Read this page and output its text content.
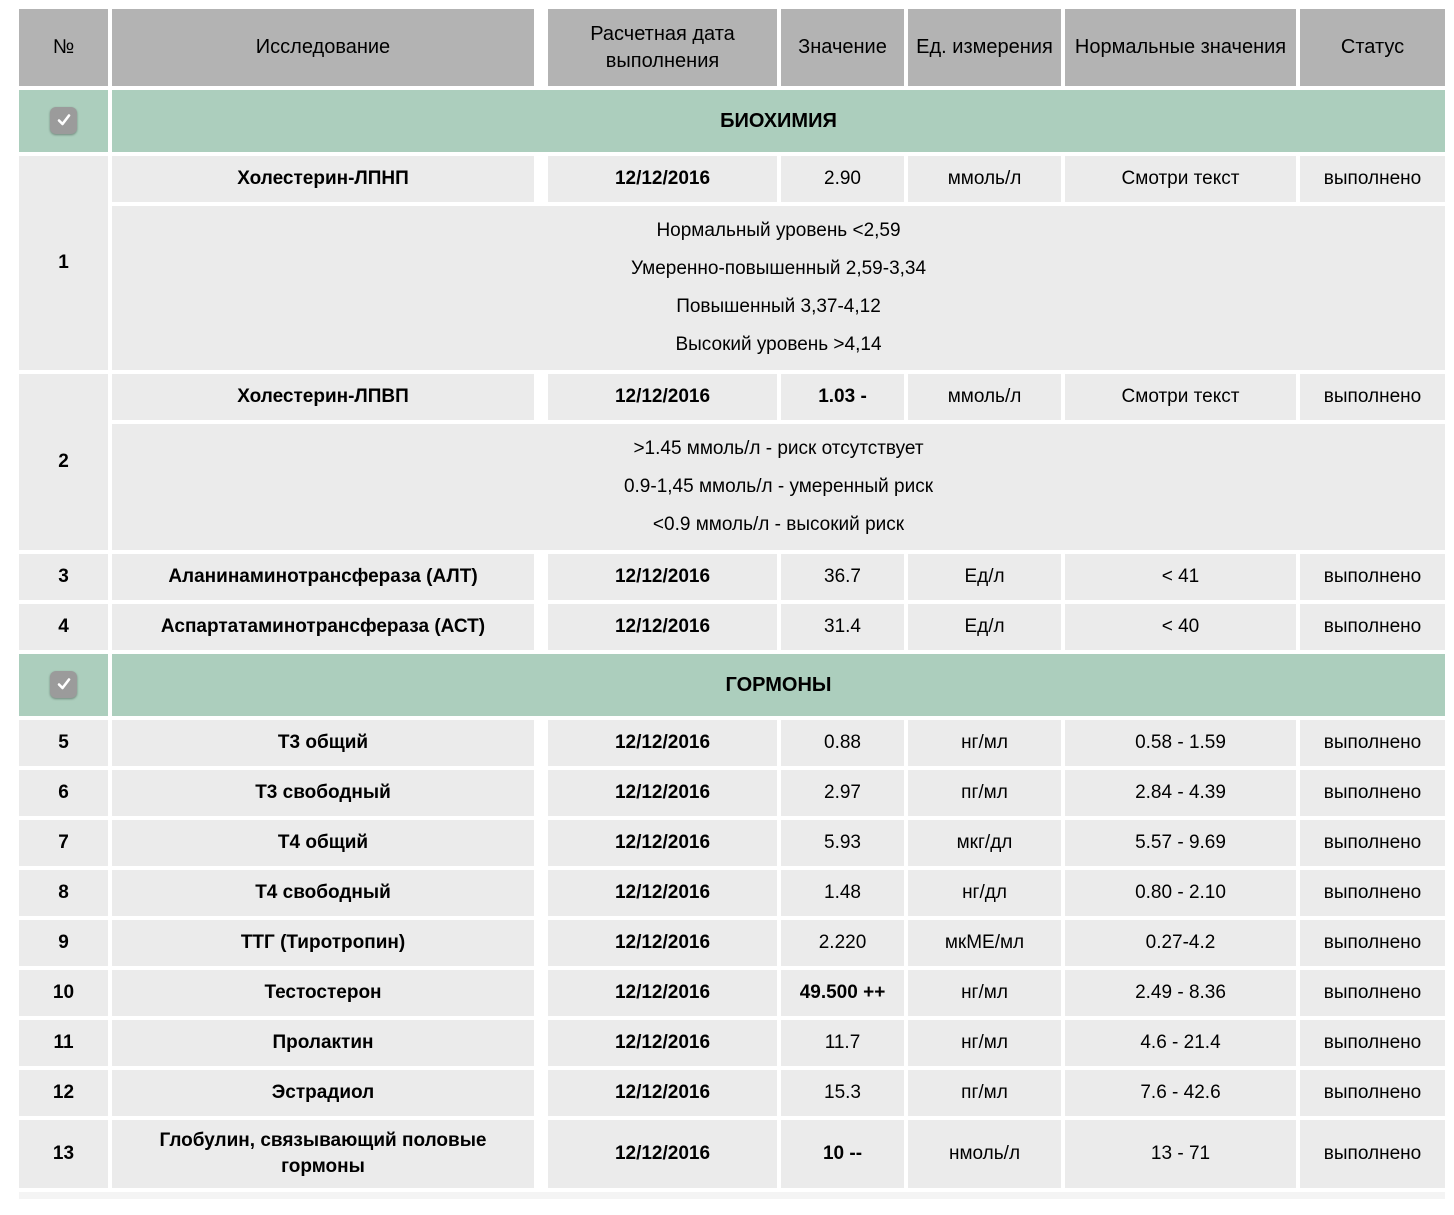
№	Исследование	Расчетная дата выполнения	Значение	Ед. измерения	Нормальные значения	Статус

	БИОХИМИЯ					
1	Холестерин-ЛПНП	12/12/2016	2.90	ммоль/л	Смотри текст	выполнено

	Нормальный уровень <2,59
Умеренно-повышенный 2,59-3,34
Повышенный 3,37-4,12
Высокий уровень >4,14					

2	Холестерин-ЛПВП	12/12/2016	1.03 -	ммоль/л	Смотри текст	выполнено

	>1.45 ммоль/л - риск отсутствует
0.9-1,45 ммоль/л - умеренный риск
<0.9 ммоль/л - высокий риск					

3	Аланинаминотрансфераза (АЛТ)	12/12/2016	36.7	Ед/л	< 41	выполнено
4	Аспартатаминотрансфераза (АСТ)	12/12/2016	31.4	Ед/л	< 40	выполнено

	ГОРМОНЫ					
5	Т3 общий	12/12/2016	0.88	нг/мл	0.58 - 1.59	выполнено
6	Т3 свободный	12/12/2016	2.97	пг/мл	2.84 - 4.39	выполнено
7	Т4 общий	12/12/2016	5.93	мкг/дл	5.57 - 9.69	выполнено
8	Т4 свободный	12/12/2016	1.48	нг/дл	0.80 - 2.10	выполнено
9	ТТГ (Тиротропин)	12/12/2016	2.220	мкМЕ/мл	0.27-4.2	выполнено
10	Тестостерон	12/12/2016	49.500 ++	нг/мл	2.49 - 8.36	выполнено
11	Пролактин	12/12/2016	11.7	нг/мл	4.6 - 21.4	выполнено
12	Эстрадиол	12/12/2016	15.3	пг/мл	7.6 - 42.6	выполнено
13	Глобулин, связывающий половые гормоны	12/12/2016	10 --	нмоль/л	13 - 71	выполнено
